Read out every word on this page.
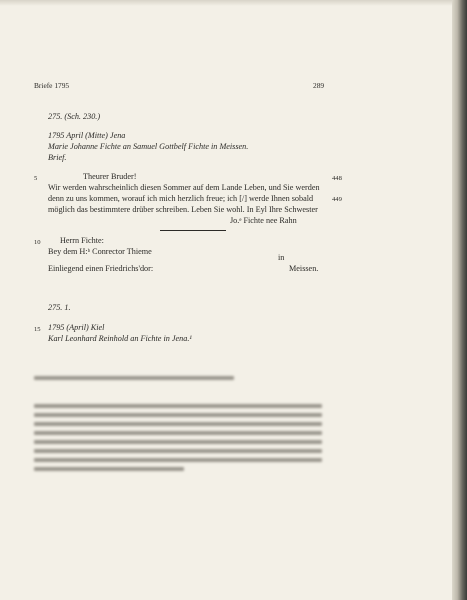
Briefe 1795	289
275. (Sch. 230.)
1795 April (Mitte) Jena
Marie Johanne Fichte an Samuel Gottbelf Fichte in Meissen.
Brief.
5	Theurer Bruder!	448
Wir werden wahrscheinlich diesen Sommer auf dem Lande Leben, und Sie werden
denn zu uns kommen, worauf ich mich herzlich freue; ich [/] werde Ihnen sobald	449
möglich das bestimmtere drüber schreiben. Leben Sie wohl. In Eyl Ihre Schwester
Jo.ᵉ Fichte nee Rahn
10 Herrn Fichte:
Bey dem H:ᵇ Conrector Thieme
in
Einliegend einen Friedrichs'dor:	Meissen.
275. 1.
15 1795 (April) Kiel
Karl Leonhard Reinhold an Fichte in Jena.¹
